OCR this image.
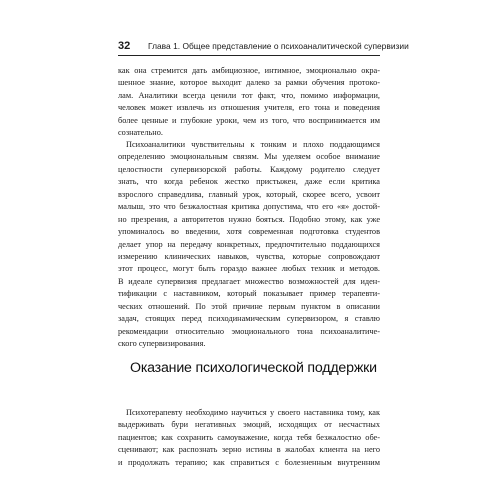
32 Глава 1. Общее представление о психоаналитической супервизии
как она стремится дать амбициозное, интимное, эмоционально окра-
шенное знание, которое выходит далеко за рамки обучения протоко-
лам. Аналитики всегда ценили тот факт, что, помимо информации,
человек может извлечь из отношения учителя, его тона и поведения
более ценные и глубокие уроки, чем из того, что воспринимается им
сознательно.
Психоаналитики чувствительны к тонким и плохо поддающимся
определению эмоциональным связям. Мы уделяем особое внимание
целостности супервизорской работы. Каждому родителю следует
знать, что когда ребенок жестко пристыжен, даже если критика
взрослого справедлива, главный урок, который, скорее всего, усвоит
малыш, это что безжалостная критика допустима, что его «я» достой-
но презрения, а авторитетов нужно бояться. Подобно этому, как уже
упоминалось во введении, хотя современная подготовка студентов
делает упор на передачу конкретных, предпочтительно поддающихся
измерению клинических навыков, чувства, которые сопровождают
этот процесс, могут быть гораздо важнее любых техник и методов.
В идеале супервизия предлагает множество возможностей для иден-
тификации с наставником, который показывает пример терапевти-
ческих отношений. По этой причине первым пунктом в описании
задач, стоящих перед психодинамическим супервизором, я ставлю
рекомендации относительно эмоционального тона психоаналитиче-
ского супервизирования.
Оказание психологической поддержки
Психотерапевту необходимо научиться у своего наставника тому, как
выдерживать бури негативных эмоций, исходящих от несчастных
пациентов; как сохранить самоуважение, когда тебя безжалостно обе-
сценивают; как распознать зерно истины в жалобах клиента на него
и продолжать терапию; как справиться с болезненным внутренним
